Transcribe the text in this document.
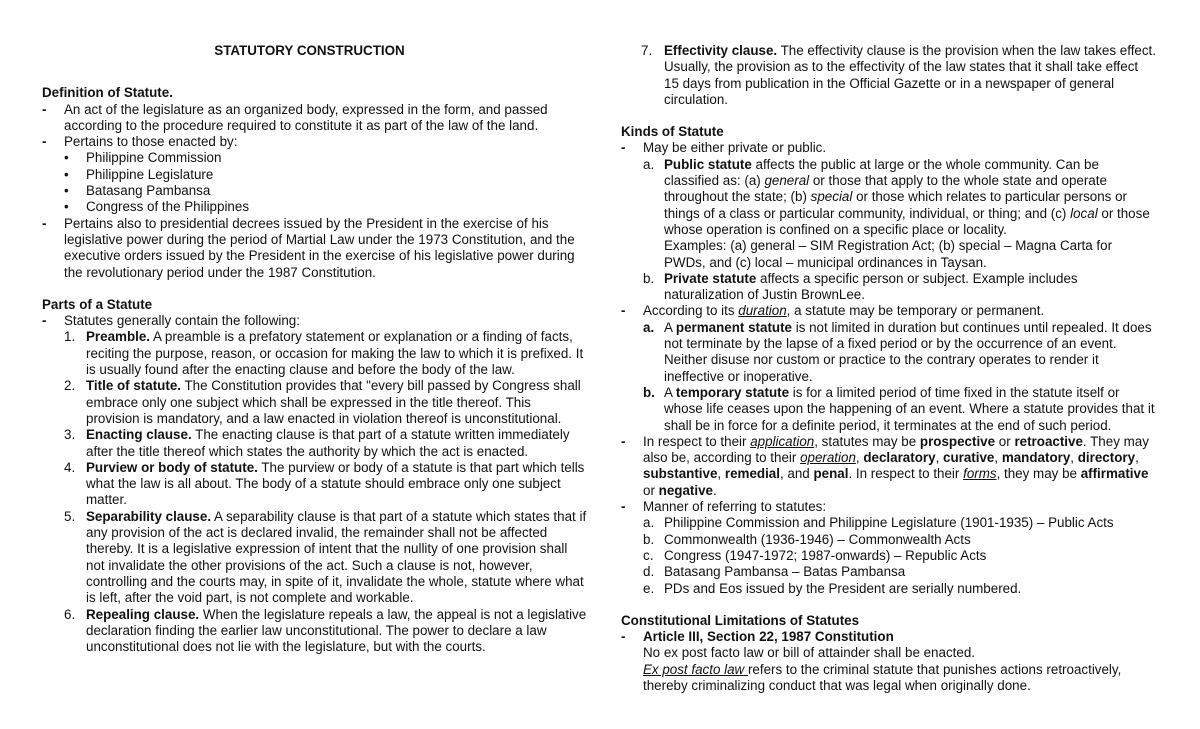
STATUTORY CONSTRUCTION
Definition of Statute.
- An act of the legislature as an organized body, expressed in the form, and passed according to the procedure required to constitute it as part of the law of the land.
- Pertains to those enacted by:
• Philippine Commission
• Philippine Legislature
• Batasang Pambansa
• Congress of the Philippines
- Pertains also to presidential decrees issued by the President in the exercise of his legislative power during the period of Martial Law under the 1973 Constitution, and the executive orders issued by the President in the exercise of his legislative power during the revolutionary period under the 1987 Constitution.
Parts of a Statute
- Statutes generally contain the following:
1. Preamble. A preamble is a prefatory statement or explanation or a finding of facts, reciting the purpose, reason, or occasion for making the law to which it is prefixed. It is usually found after the enacting clause and before the body of the law.
2. Title of statute. The Constitution provides that "every bill passed by Congress shall embrace only one subject which shall be expressed in the title thereof. This provision is mandatory, and a law enacted in violation thereof is unconstitutional.
3. Enacting clause. The enacting clause is that part of a statute written immediately after the title thereof which states the authority by which the act is enacted.
4. Purview or body of statute. The purview or body of a statute is that part which tells what the law is all about. The body of a statute should embrace only one subject matter.
5. Separability clause. A separability clause is that part of a statute which states that if any provision of the act is declared invalid, the remainder shall not be affected thereby. It is a legislative expression of intent that the nullity of one provision shall not invalidate the other provisions of the act. Such a clause is not, however, controlling and the courts may, in spite of it, invalidate the whole, statute where what is left, after the void part, is not complete and workable.
6. Repealing clause. When the legislature repeals a law, the appeal is not a legislative declaration finding the earlier law unconstitutional. The power to declare a law unconstitutional does not lie with the legislature, but with the courts.
7. Effectivity clause. The effectivity clause is the provision when the law takes effect. Usually, the provision as to the effectivity of the law states that it shall take effect 15 days from publication in the Official Gazette or in a newspaper of general circulation.
Kinds of Statute
- May be either private or public.
a. Public statute affects the public at large or the whole community. Can be classified as: (a) general or those that apply to the whole state and operate throughout the state; (b) special or those which relates to particular persons or things of a class or particular community, individual, or thing; and (c) local or those whose operation is confined on a specific place or locality.
Examples: (a) general – SIM Registration Act; (b) special – Magna Carta for PWDs, and (c) local – municipal ordinances in Taysan.
b. Private statute affects a specific person or subject. Example includes naturalization of Justin BrownLee.
- According to its duration, a statute may be temporary or permanent.
a. A permanent statute is not limited in duration but continues until repealed. It does not terminate by the lapse of a fixed period or by the occurrence of an event. Neither disuse nor custom or practice to the contrary operates to render it ineffective or inoperative.
b. A temporary statute is for a limited period of time fixed in the statute itself or whose life ceases upon the happening of an event. Where a statute provides that it shall be in force for a definite period, it terminates at the end of such period.
- In respect to their application, statutes may be prospective or retroactive. They may also be, according to their operation, declaratory, curative, mandatory, directory, substantive, remedial, and penal. In respect to their forms, they may be affirmative or negative.
- Manner of referring to statutes:
a. Philippine Commission and Philippine Legislature (1901-1935) – Public Acts
b. Commonwealth (1936-1946) – Commonwealth Acts
c. Congress (1947-1972; 1987-onwards) – Republic Acts
d. Batasang Pambansa – Batas Pambansa
e. PDs and Eos issued by the President are serially numbered.
Constitutional Limitations of Statutes
- Article III, Section 22, 1987 Constitution
No ex post facto law or bill of attainder shall be enacted.
Ex post facto law refers to the criminal statute that punishes actions retroactively, thereby criminalizing conduct that was legal when originally done.
